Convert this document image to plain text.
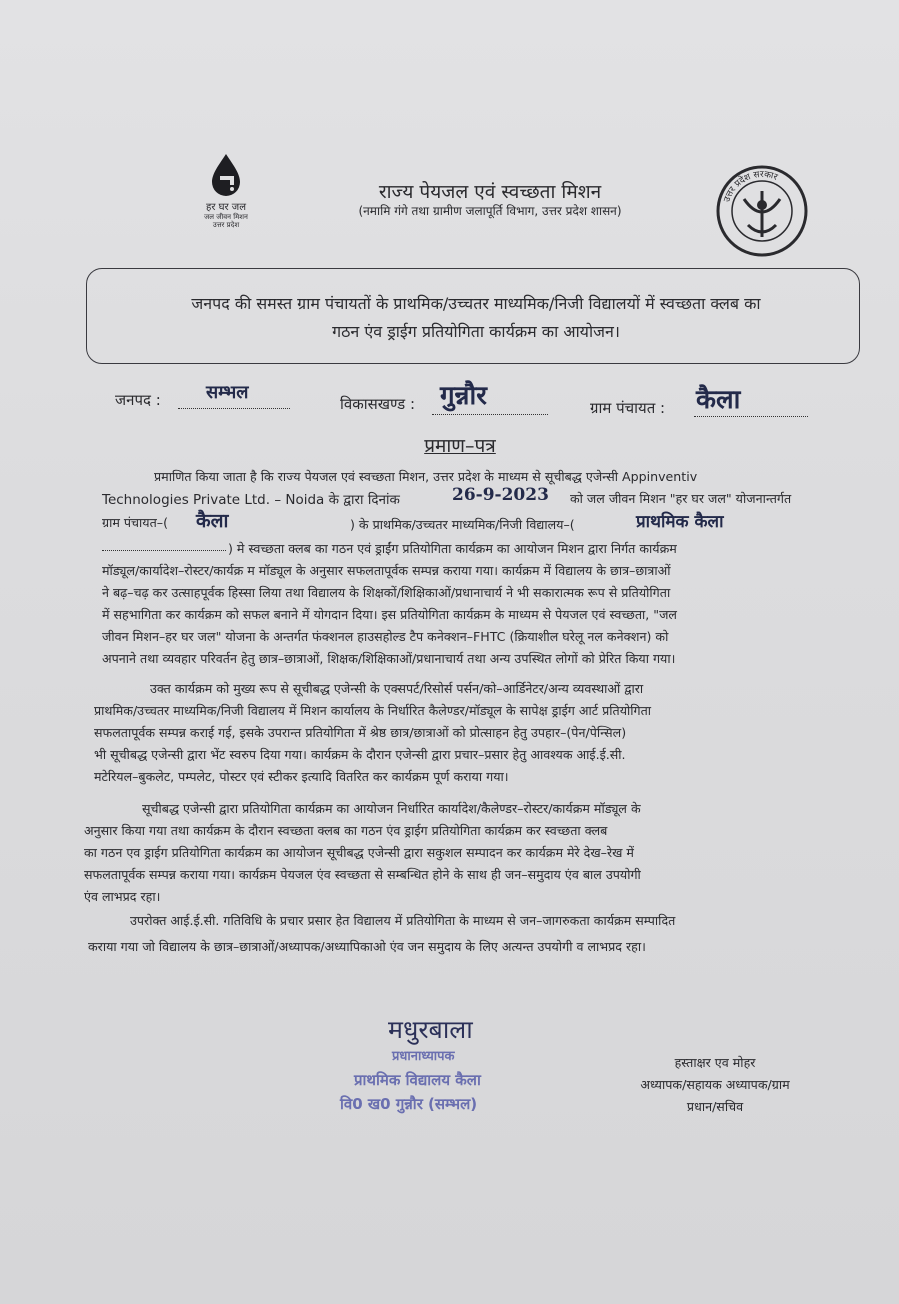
हर घर जल
जल जीवन मिशन
उत्तर प्रदेश
राज्य पेयजल एवं स्वच्छता मिशन
(नमामि गंगे तथा ग्रामीण जलापूर्ति विभाग, उत्तर प्रदेश शासन)
उत्तर प्रदेश सरकार
जनपद की समस्त ग्राम पंचायतों के प्राथमिक/उच्चतर माध्यमिक/निजी विद्यालयों में स्वच्छता क्लब का
गठन एंव ड्राईग प्रतियोगिता कार्यक्रम का आयोजन।
जनपद :	सम्भल
विकासखण्ड : गुन्नौर	ग्राम पंचायत : कैला
प्रमाण–पत्र
प्रमाणित किया जाता है कि राज्य पेयजल एवं स्वच्छता मिशन, उत्तर प्रदेश के माध्यम से सूचीबद्ध एजेन्सी Appinventiv
Technologies Private Ltd. – Noida के द्वारा दिनांक	26-9-2023 को जल जीवन मिशन "हर घर जल" योजनान्तर्गत
ग्राम पंचायत–( कैला	) के प्राथमिक/उच्चतर माध्यमिक/निजी विद्यालय–(	प्राथमिक कैला
) मे स्वच्छता क्लब का गठन एवं ड्राईंग प्रतियोगिता कार्यक्रम का आयोजन मिशन द्वारा निर्गत कार्यक्रम
मॉड्यूल/कार्यादेश–रोस्टर/कार्यक्र म मॉड्यूल के अनुसार सफलतापूर्वक सम्पन्न कराया गया। कार्यक्रम में विद्यालय के छात्र–छात्राओं
ने बढ़–चढ़ कर उत्साहपूर्वक हिस्सा लिया तथा विद्यालय के शिक्षकों/शिक्षिकाओं/प्रधानाचार्य ने भी सकारात्मक रूप से प्रतियोगिता
में सहभागिता कर कार्यक्रम को सफल बनाने में योगदान दिया। इस प्रतियोगिता कार्यक्रम के माध्यम से पेयजल एवं स्वच्छता, "जल
जीवन मिशन–हर घर जल" योजना के अन्तर्गत फंक्शनल हाउसहोल्ड टैप कनेक्शन–FHTC (क्रियाशील घरेलू नल कनेक्शन) को
अपनाने तथा व्यवहार परिवर्तन हेतु छात्र–छात्राओं, शिक्षक/शिक्षिकाओं/प्रधानाचार्य तथा अन्य उपस्थित लोगों को प्रेरित किया गया।
उक्त कार्यक्रम को मुख्य रूप से सूचीबद्ध एजेन्सी के एक्सपर्ट/रिसोर्स पर्सन/को–आर्डिनेटर/अन्य व्यवस्थाओं द्वारा
प्राथमिक/उच्चतर माध्यमिक/निजी विद्यालय में मिशन कार्यालय के निर्धारित कैलेण्डर/मॉड्यूल के सापेक्ष ड्राईग आर्ट प्रतियोगिता
सफलतापूर्वक सम्पन्न कराई गई, इसके उपरान्त प्रतियोगिता में श्रेष्ठ छात्र/छात्राओं को प्रोत्साहन हेतु उपहार–(पेन/पेन्सिल)
भी सूचीबद्ध एजेन्सी द्वारा भेंट स्वरुप दिया गया। कार्यक्रम के दौरान एजेन्सी द्वारा प्रचार–प्रसार हेतु आवश्यक आई.ई.सी.
मटेरियल–बुकलेट, पम्पलेट, पोस्टर एवं स्टीकर इत्यादि वितरित कर कार्यक्रम पूर्ण कराया गया।
सूचीबद्ध एजेन्सी द्वारा प्रतियोगिता कार्यक्रम का आयोजन निर्धारित कार्यादेश/कैलेण्डर–रोस्टर/कार्यक्रम मॉड्यूल के
अनुसार किया गया तथा कार्यक्रम के दौरान स्वच्छता क्लब का गठन एंव ड्राईग प्रतियोगिता कार्यक्रम कर स्वच्छता क्लब
का गठन एव ड्राईग प्रतियोगिता कार्यक्रम का आयोजन सूचीबद्ध एजेन्सी द्वारा सकुशल सम्पादन कर कार्यक्रम मेरे देख–रेख में
सफलतापूर्वक सम्पन्न कराया गया। कार्यक्रम पेयजल एंव स्वच्छता से सम्बन्धित होने के साथ ही जन–समुदाय एंव बाल उपयोगी
एंव लाभप्रद रहा।
उपरोक्त आई.ई.सी. गतिविधि के प्रचार प्रसार हेत विद्यालय में प्रतियोगिता के माध्यम से जन–जागरुकता कार्यक्रम सम्पादित
कराया गया जो विद्यालय के छात्र–छात्राओं/अध्यापक/अध्यापिकाओ एंव जन समुदाय के लिए अत्यन्त उपयोगी व लाभप्रद रहा।
मधुरबाला
प्रधानाध्यापक
प्राथमिक विद्यालय कैला
वि0 ख0 गुन्नौर (सम्भल)
हस्ताक्षर एव मोहर
अध्यापक/सहायक अध्यापक/ग्राम
प्रधान/सचिव
